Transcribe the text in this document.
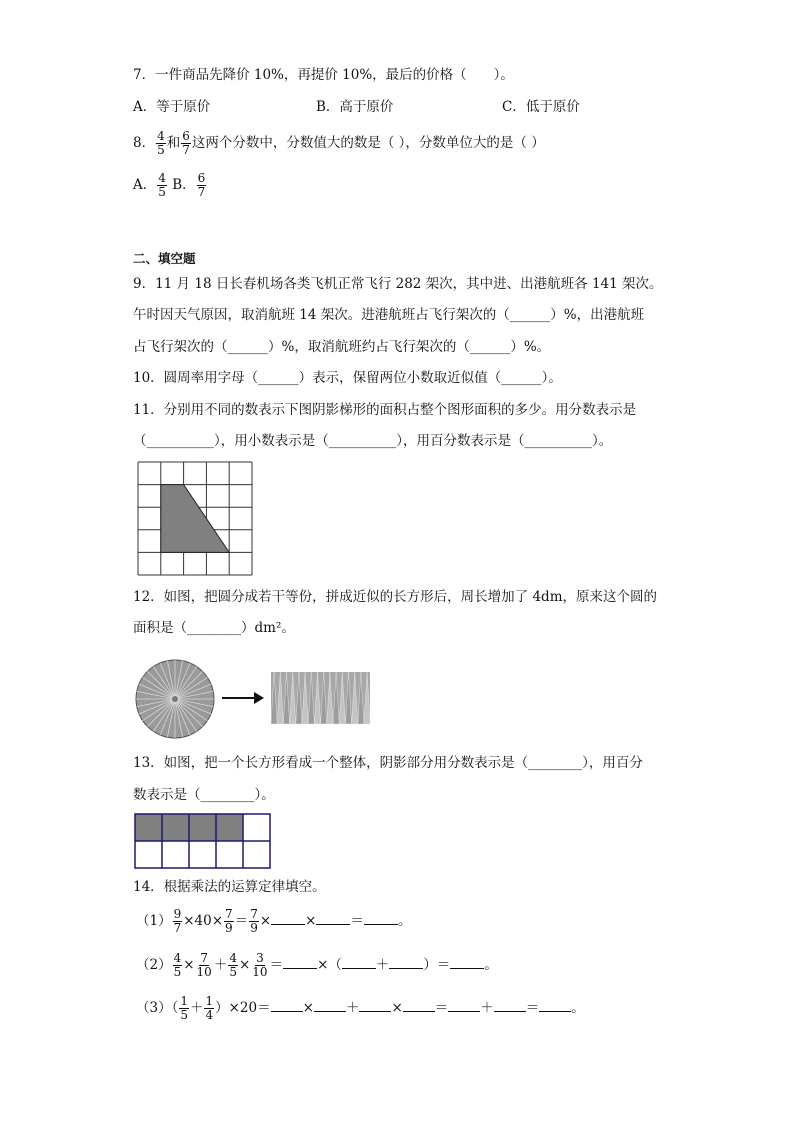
7．一件商品先降价 10%，再提价 10%，最后的价格（　　）。
A．等于原价	B．高于原价	C．低于原价
8． $\frac{4}{5}$ 和 $\frac{6}{7}$ 这两个分数中，分数值大的数是（ ），分数单位大的是（ ）
A． $\frac{4}{5}$ B． $\frac{6}{7}$
二、填空题
9．11 月 18 日长春机场各类飞机正常飞行 282 架次，其中进、出港航班各 141 架次。
午时因天气原因，取消航班 14 架次。进港航班占飞行架次的（______）%，出港航班
占飞行架次的（______）%，取消航班约占飞行架次的（______）%。
10．圆周率用字母（______）表示，保留两位小数取近似值（______）。
11．分别用不同的数表示下图阴影梯形的面积占整个图形面积的多少。用分数表示是
（__________），用小数表示是（__________），用百分数表示是（__________）。
12．如图，把圆分成若干等份，拼成近似的长方形后，周长增加了 4dm，原来这个圆的
面积是（________）dm²。
13．如图，把一个长方形看成一个整体，阴影部分用分数表示是（________），用百分
数表示是（________）。
14．根据乘法的运算定律填空。
$(1) \frac{9}{7} \times 40\times \frac{7}{9} = \frac{7}{9}$ ×	×	＝	。
$(2) \frac{4}{5} \times \frac{7}{10} + \frac{4}{5} \times \frac{3}{10}$ ＝	×（	＋	）＝	。
$(3)( \frac{1}{5} + \frac{1}{4} )\times 20=$ × ＋ × ＝ ＋ ＝ 。
